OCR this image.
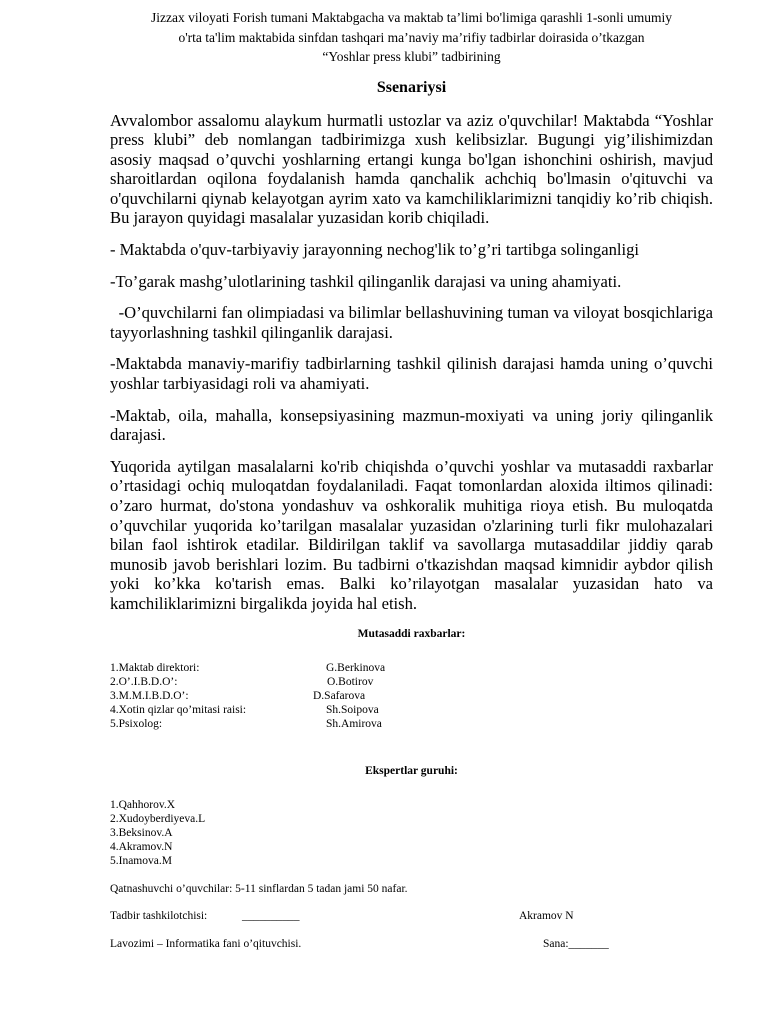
Jizzax viloyati Forish tumani Maktabgacha va maktab ta’limi bo'limiga qarashli 1-sonli umumiy
o'rta ta'lim maktabida sinfdan tashqari ma’naviy ma’rifiy tadbirlar doirasida o’tkazgan
“Yoshlar press klubi” tadbirining
Ssenariysi
Avvalombor assalomu alaykum hurmatli ustozlar va aziz o'quvchilar! Maktabda “Yoshlar press klubi” deb nomlangan tadbirimizga xush kelibsizlar. Bugungi yig’ilishimizdan asosiy maqsad o’quvchi yoshlarning ertangi kunga bo'lgan ishonchini oshirish, mavjud sharoitlardan oqilona foydalanish hamda qanchalik achchiq bo'lmasin o'qituvchi va o'quvchilarni qiynab kelayotgan ayrim xato va kamchiliklarimizni tanqidiy ko’rib chiqish. Bu jarayon quyidagi masalalar yuzasidan korib chiqiladi.
- Maktabda o'quv-tarbiyaviy jarayonning nechog'lik to’g’ri tartibga solinganligi
-To’garak mashg’ulotlarining tashkil qilinganlik darajasi va uning ahamiyati.
-O’quvchilarni fan olimpiadasi va bilimlar bellashuvining tuman va viloyat bosqichlariga tayyorlashning tashkil qilinganlik darajasi.
-Maktabda manaviy-marifiy tadbirlarning tashkil qilinish darajasi hamda uning o’quvchi yoshlar tarbiyasidagi roli va ahamiyati.
-Maktab, oila, mahalla, konsepsiyasining mazmun-moxiyati va uning joriy qilinganlik darajasi.
Yuqorida aytilgan masalalarni ko'rib chiqishda o’quvchi yoshlar va mutasaddi raxbarlar o’rtasidagi ochiq muloqatdan foydalaniladi. Faqat tomonlardan aloxida iltimos qilinadi: o’zaro hurmat, do'stona yondashuv va oshkoralik muhitiga rioya etish. Bu muloqatda o’quvchilar yuqorida ko’tarilgan masalalar yuzasidan o'zlarining turli fikr mulohazalari bilan faol ishtirok etadilar. Bildirilgan taklif va savollarga mutasaddilar jiddiy qarab munosib javob berishlari lozim. Bu tadbirni o'tkazishdan maqsad kimnidir aybdor qilish yoki ko’kka ko'tarish emas. Balki ko’rilayotgan masalalar yuzasidan hato va kamchiliklarimizni birgalikda joyida hal etish.
Mutasaddi raxbarlar:
1.Maktab direktori:	G.Berkinova
2.O’.I.B.D.O’:	O.Botirov
3.M.M.I.B.D.O’:	D.Safarova
4.Xotin qizlar qo’mitasi raisi:	Sh.Soipova
5.Psixolog:	Sh.Amirova
Ekspertlar guruhi:
1.Qahhorov.X
2.Xudoyberdiyeva.L
3.Beksinov.A
4.Akramov.N
5.Inamova.M
Qatnashuvchi o’quvchilar: 5-11 sinflardan 5 tadan jami 50 nafar.
Tadbir tashkilotchisi:	__________	Akramov N
Lavozimi – Informatika fani o’qituvchisi.	Sana:_______
